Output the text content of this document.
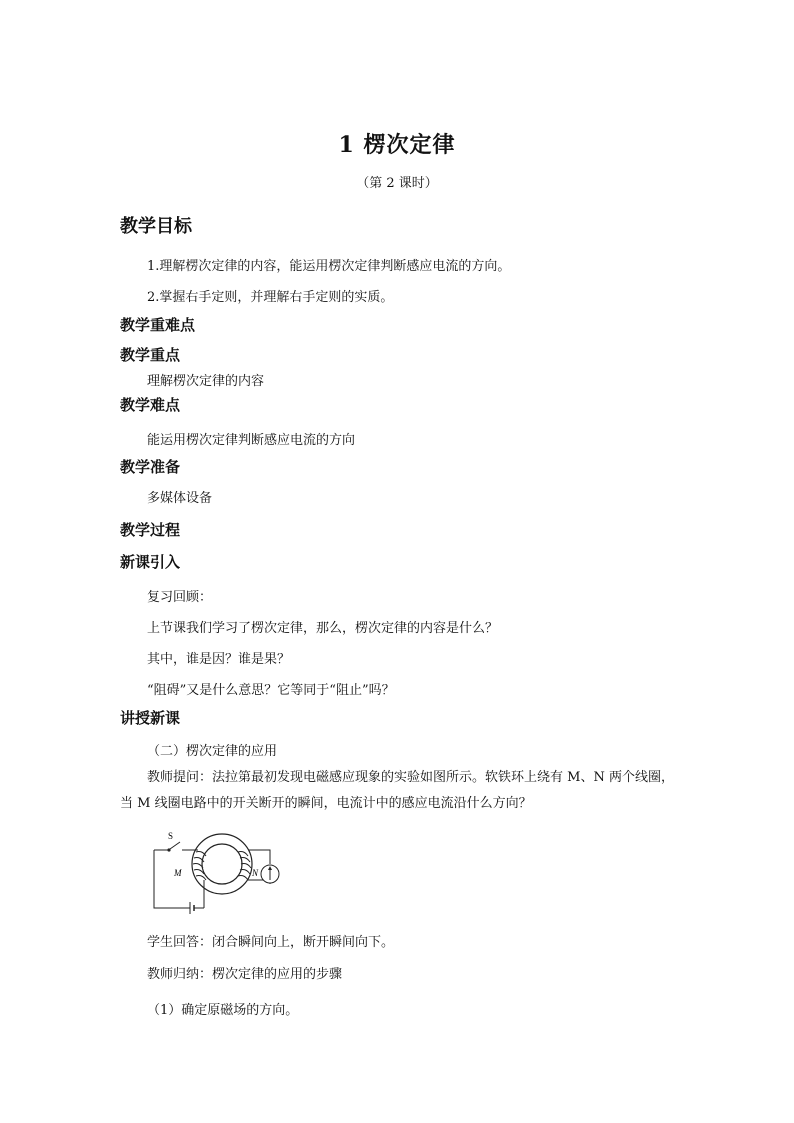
1 楞次定律
（第 2 课时）
教学目标
1.理解楞次定律的内容，能运用楞次定律判断感应电流的方向。
2.掌握右手定则，并理解右手定则的实质。
教学重难点
教学重点
理解楞次定律的内容
教学难点
能运用楞次定律判断感应电流的方向
教学准备
多媒体设备
教学过程
新课引入
复习回顾：
上节课我们学习了楞次定律，那么，楞次定律的内容是什么？
其中，谁是因？谁是果？
“阻碍”又是什么意思？它等同于“阻止”吗？
讲授新课
（二）楞次定律的应用
教师提问：法拉第最初发现电磁感应现象的实验如图所示。软铁环上绕有 M、N 两个线圈，当 M 线圈电路中的开关断开的瞬间，电流计中的感应电流沿什么方向？
S
M	N
学生回答：闭合瞬间向上，断开瞬间向下。
教师归纳：楞次定律的应用的步骤
（1）确定原磁场的方向。
